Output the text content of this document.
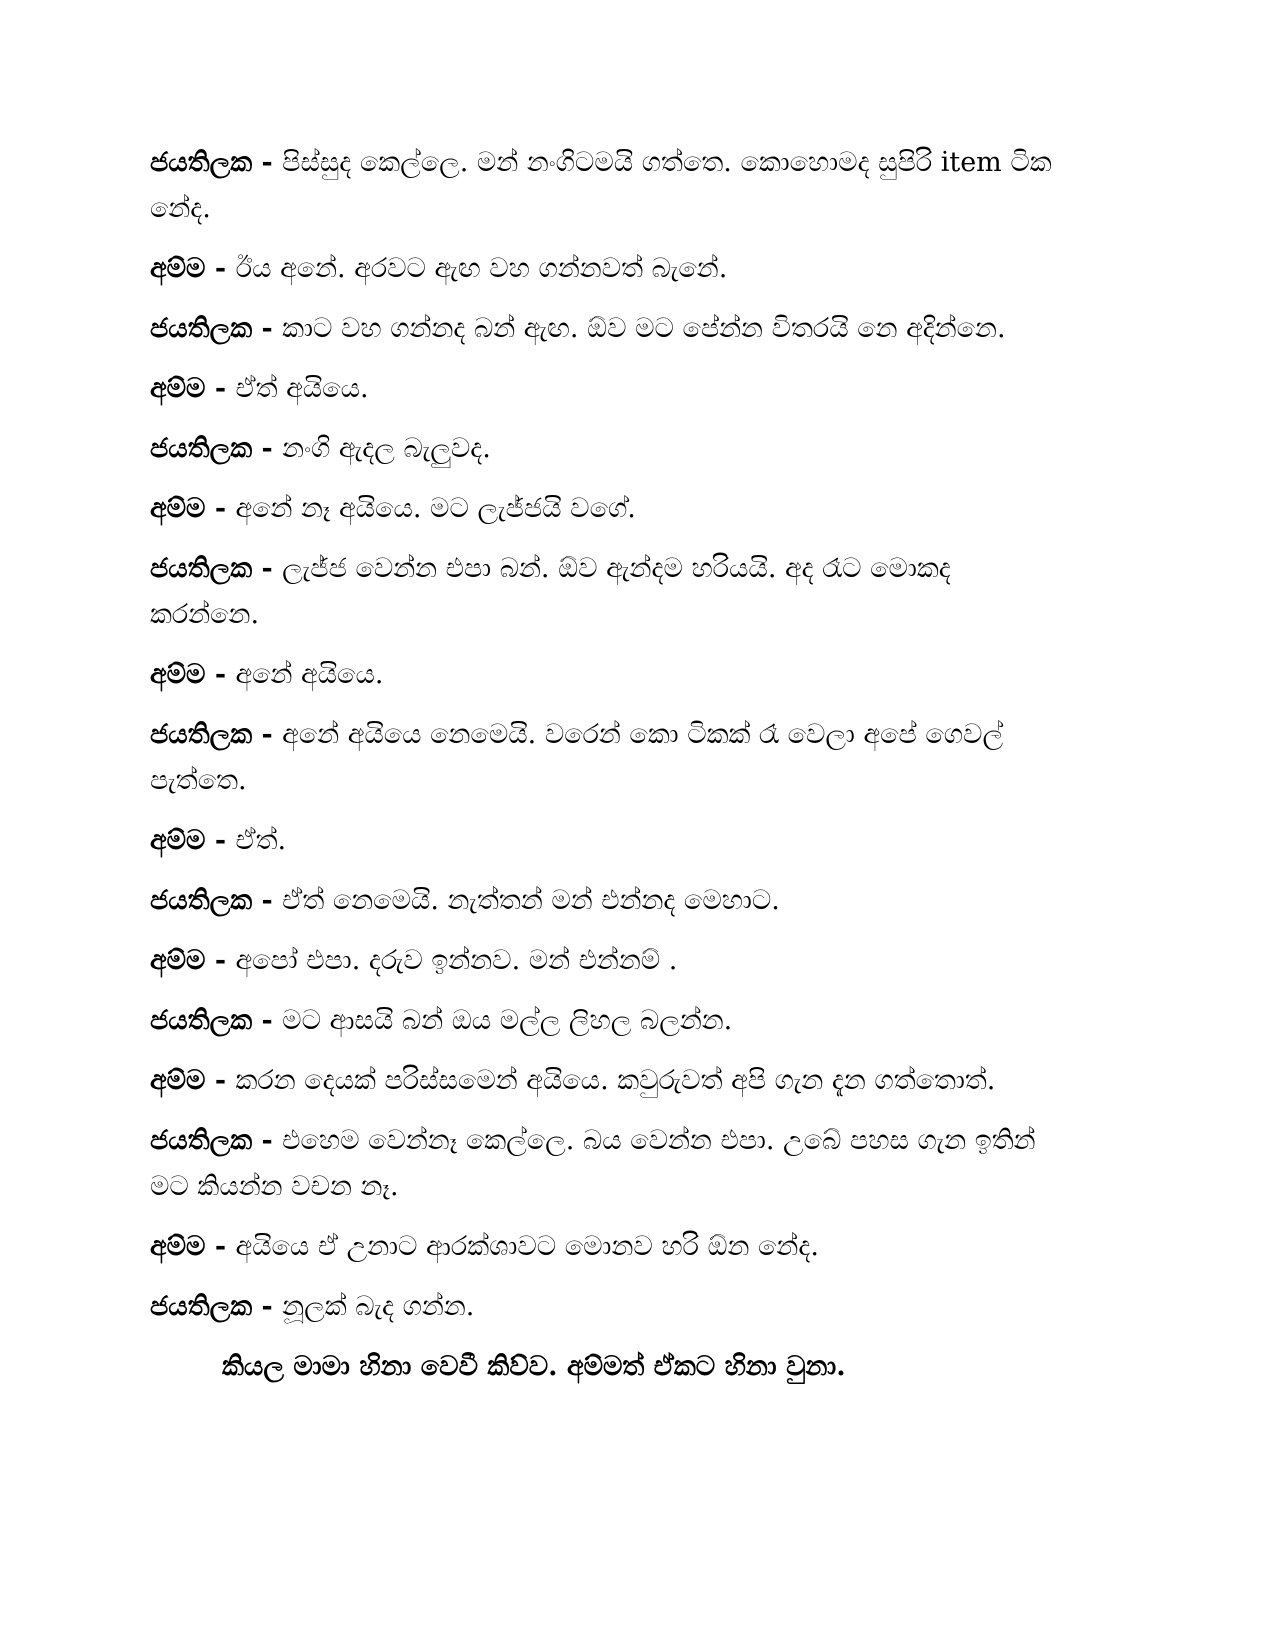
ජයතිලක - පිස්සුද කෙල්ලෙ. මන් නංගිටමයි ගත්තෙ. කොහොමද සුපිරි item ටික
නේද.
අම්ම - ඊය අනේ. අරවට ඇඟ වහ ගන්නවත් බැනේ.
ජයතිලක - කාට වහ ගන්නද බන් ඇඟ. ඕව මට පේන්න විතරයි නෙ අදින්නෙ.
අම්ම - ඒත් අයියෙ.
ජයතිලක - නංගි ඇදල බැලුවද.
අම්ම - අනේ නෑ අයියෙ. මට ලැජ්ජයි වගේ.
ජයතිලක - ලැජ්ජ වෙන්න එපා බන්. ඕව ඇන්දම හරියයි. අද රෑට මොකද
කරන්නෙ.
අම්ම - අනේ අයියෙ.
ජයතිලක - අනේ අයියෙ නෙමෙයි. වරෙන් කො ටිකක් රෑ වෙලා අපේ ගෙවල්
පැත්තෙ.
අම්ම - ඒත්.
ජයතිලක - ඒත් නෙමෙයි. නැත්තන් මන් එන්නද මෙහාට.
අම්ම - අපෝ එපා. දරුව ඉන්නව. මන් එන්නම් .
ජයතිලක - මට ආසයි බන් ඔය මල්ල ලිහල බලන්න.
අම්ම - කරන දෙයක් පරිස්සමෙන් අයියෙ. කවුරුවත් අපි ගැන දැන ගත්තොත්.
ජයතිලක - එහෙම වෙන්නෑ කෙල්ලෙ. බය වෙන්න එපා. උබේ පහස ගැන ඉතින්
මට කියන්න වචන නෑ.
අම්ම - අයියෙ ඒ උනාට ආරක්ශාවට මොනව හරි ඕන නේද.
ජයතිලක - නූලක් බැද ගන්න.
කියල මාමා හිනා වෙවී කිව්ව. අම්මත් ඒකට හිනා වුනා.
